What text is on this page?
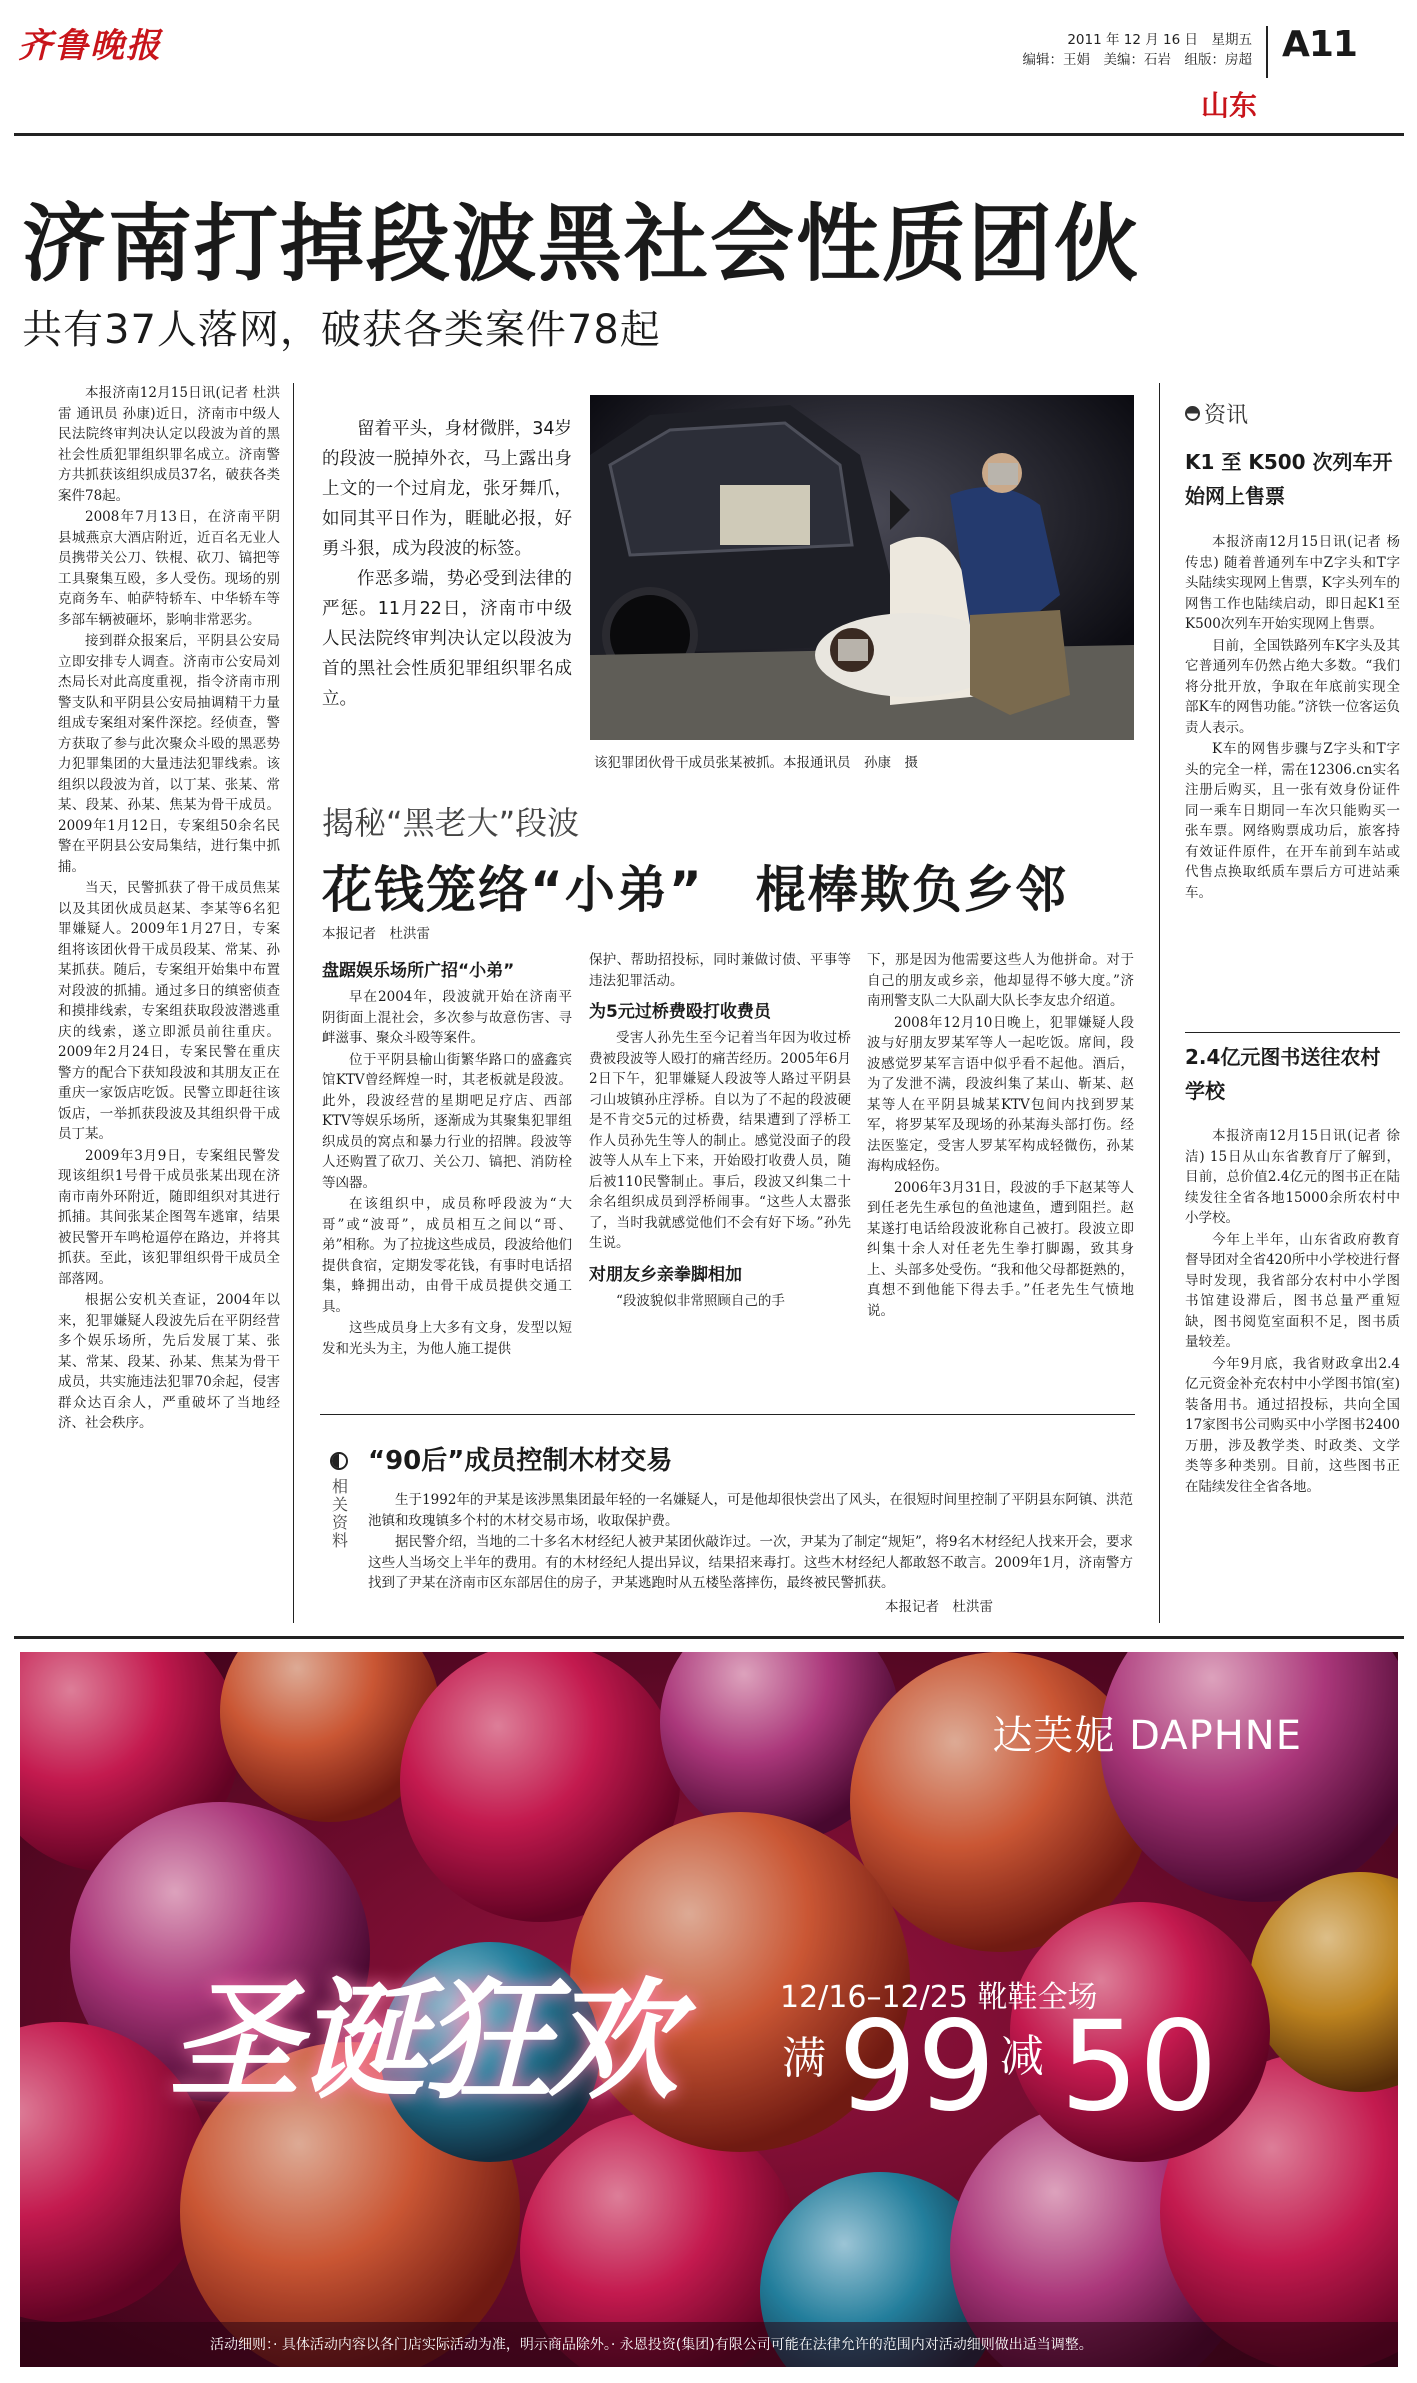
齐鲁晚报	2011 年 12 月 16 日　星期五
编辑：王娟　美编：石岩　组版：房超 A11
山东
济南打掉段波黑社会性质团伙
共有37人落网，破获各类案件78起

本报济南12月15日讯(记者 杜洪雷 通讯员 孙康)近日，济南市中级人民法院终审判决认定以段波为首的黑社会性质犯罪组织罪名成立。济南警方共抓获该组织成员37名，破获各类案件78起。

2008年7月13日，在济南平阴县城燕京大酒店附近，近百名无业人员携带关公刀、铁棍、砍刀、镐把等工具聚集互殴，多人受伤。现场的别克商务车、帕萨特轿车、中华轿车等多部车辆被砸坏，影响非常恶劣。

接到群众报案后，平阴县公安局立即安排专人调查。济南市公安局刘杰局长对此高度重视，指令济南市刑警支队和平阴县公安局抽调精干力量组成专案组对案件深挖。经侦查，警方获取了参与此次聚众斗殴的黑恶势力犯罪集团的大量违法犯罪线索。该组织以段波为首，以丁某、张某、常某、段某、孙某、焦某为骨干成员。2009年1月12日，专案组50余名民警在平阴县公安局集结，进行集中抓捕。

当天，民警抓获了骨干成员焦某以及其团伙成员赵某、李某等6名犯罪嫌疑人。2009年1月27日，专案组将该团伙骨干成员段某、常某、孙某抓获。随后，专案组开始集中布置对段波的抓捕。通过多日的缜密侦查和摸排线索，专案组获取段波潜逃重庆的线索，遂立即派员前往重庆。2009年2月24日，专案民警在重庆警方的配合下获知段波和其朋友正在重庆一家饭店吃饭。民警立即赶往该饭店，一举抓获段波及其组织骨干成员丁某。

2009年3月9日，专案组民警发现该组织1号骨干成员张某出现在济南市南外环附近，随即组织对其进行抓捕。其间张某企图驾车逃窜，结果被民警开车鸣枪逼停在路边，并将其抓获。至此，该犯罪组织骨干成员全部落网。

根据公安机关查证，2004年以来，犯罪嫌疑人段波先后在平阴经营多个娱乐场所，先后发展丁某、张某、常某、段某、孙某、焦某为骨干成员，共实施违法犯罪70余起，侵害群众达百余人，严重破坏了当地经济、社会秩序。

留着平头，身材微胖，34岁的段波一脱掉外衣，马上露出身上文的一个过肩龙，张牙舞爪，如同其平日作为，睚眦必报，好勇斗狠，成为段波的标签。

作恶多端，势必受到法律的严惩。11月22日，济南市中级人民法院终审判决认定以段波为首的黑社会性质犯罪组织罪名成立。

该犯罪团伙骨干成员张某被抓。本报通讯员　孙康　摄
揭秘“黑老大”段波
花钱笼络“小弟”　棍棒欺负乡邻
本报记者　杜洪雷
盘踞娱乐场所广招“小弟”

早在2004年，段波就开始在济南平阴街面上混社会，多次参与故意伤害、寻衅滋事、聚众斗殴等案件。

位于平阴县榆山街繁华路口的盛鑫宾馆KTV曾经辉煌一时，其老板就是段波。此外，段波经营的星期吧足疗店、西部KTV等娱乐场所，逐渐成为其聚集犯罪组织成员的窝点和暴力行业的招牌。段波等人还购置了砍刀、关公刀、镐把、消防栓等凶器。

在该组织中，成员称呼段波为“大哥”或“波哥”，成员相互之间以“哥、弟”相称。为了拉拢这些成员，段波给他们提供食宿，定期发零花钱，有事时电话招集，蜂拥出动，由骨干成员提供交通工具。

这些成员身上大多有文身，发型以短发和光头为主，为他人施工提供

保护、帮助招投标，同时兼做讨债、平事等违法犯罪活动。

为5元过桥费殴打收费员

受害人孙先生至今记着当年因为收过桥费被段波等人殴打的痛苦经历。2005年6月2日下午，犯罪嫌疑人段波等人路过平阴县刁山坡镇孙庄浮桥。自以为了不起的段波硬是不肯交5元的过桥费，结果遭到了浮桥工作人员孙先生等人的制止。感觉没面子的段波等人从车上下来，开始殴打收费人员，随后被110民警制止。事后，段波又纠集二十余名组织成员到浮桥闹事。“这些人太嚣张了，当时我就感觉他们不会有好下场。”孙先生说。

对朋友乡亲拳脚相加

“段波貌似非常照顾自己的手

下，那是因为他需要这些人为他拼命。对于自己的朋友或乡亲，他却显得不够大度。”济南刑警支队二大队副大队长李友忠介绍道。

2008年12月10日晚上，犯罪嫌疑人段波与好朋友罗某军等人一起吃饭。席间，段波感觉罗某军言语中似乎看不起他。酒后，为了发泄不满，段波纠集了某山、靳某、赵某等人在平阴县城某KTV包间内找到罗某军，将罗某军及现场的孙某海头部打伤。经法医鉴定，受害人罗某军构成轻微伤，孙某海构成轻伤。

2006年3月31日，段波的手下赵某等人到任老先生承包的鱼池逮鱼，遭到阻拦。赵某遂打电话给段波讹称自己被打。段波立即纠集十余人对任老先生拳打脚踢，致其身上、头部多处受伤。“我和他父母都挺熟的，真想不到他能下得去手。”任老先生气愤地说。

相关资料
“90后”成员控制木材交易

生于1992年的尹某是该涉黑集团最年轻的一名嫌疑人，可是他却很快尝出了风头，在很短时间里控制了平阴县东阿镇、洪范池镇和玫瑰镇多个村的木材交易市场，收取保护费。

据民警介绍，当地的二十多名木材经纪人被尹某团伙敲诈过。一次，尹某为了制定“规矩”，将9名木材经纪人找来开会，要求这些人当场交上半年的费用。有的木材经纪人提出异议，结果招来毒打。这些木材经纪人都敢怒不敢言。2009年1月，济南警方找到了尹某在济南市区东部居住的房子，尹某逃跑时从五楼坠落摔伤，最终被民警抓获。

本报记者　杜洪雷
资讯
K1 至 K500 次列车开始网上售票

本报济南12月15日讯(记者 杨传忠) 随着普通列车中Z字头和T字头陆续实现网上售票，K字头列车的网售工作也陆续启动，即日起K1至K500次列车开始实现网上售票。

目前，全国铁路列车K字头及其它普通列车仍然占绝大多数。“我们将分批开放，争取在年底前实现全部K车的网售功能。”济铁一位客运负责人表示。

K车的网售步骤与Z字头和T字头的完全一样，需在12306.cn实名注册后购买，且一张有效身份证件同一乘车日期同一车次只能购买一张车票。网络购票成功后，旅客持有效证件原件，在开车前到车站或代售点换取纸质车票后方可进站乘车。

2.4亿元图书送往农村学校

本报济南12月15日讯(记者 徐洁) 15日从山东省教育厅了解到，目前，总价值2.4亿元的图书正在陆续发往全省各地15000余所农村中小学校。

今年上半年，山东省政府教育督导团对全省420所中小学校进行督导时发现，我省部分农村中小学图书馆建设滞后，图书总量严重短缺，图书阅览室面积不足，图书质量较差。

今年9月底，我省财政拿出2.4亿元资金补充农村中小学图书馆(室)装备用书。通过招投标，共向全国17家图书公司购买中小学图书2400万册，涉及教学类、时政类、文学类等多种类别。目前，这些图书正在陆续发往全省各地。

达芙妮 DAPHNE
圣诞狂欢	12/16–12/25 靴鞋全场
满 99 减 50
活动细则：· 具体活动内容以各门店实际活动为准，明示商品除外。· 永恩投资(集团)有限公司可能在法律允许的范围内对活动细则做出适当调整。
